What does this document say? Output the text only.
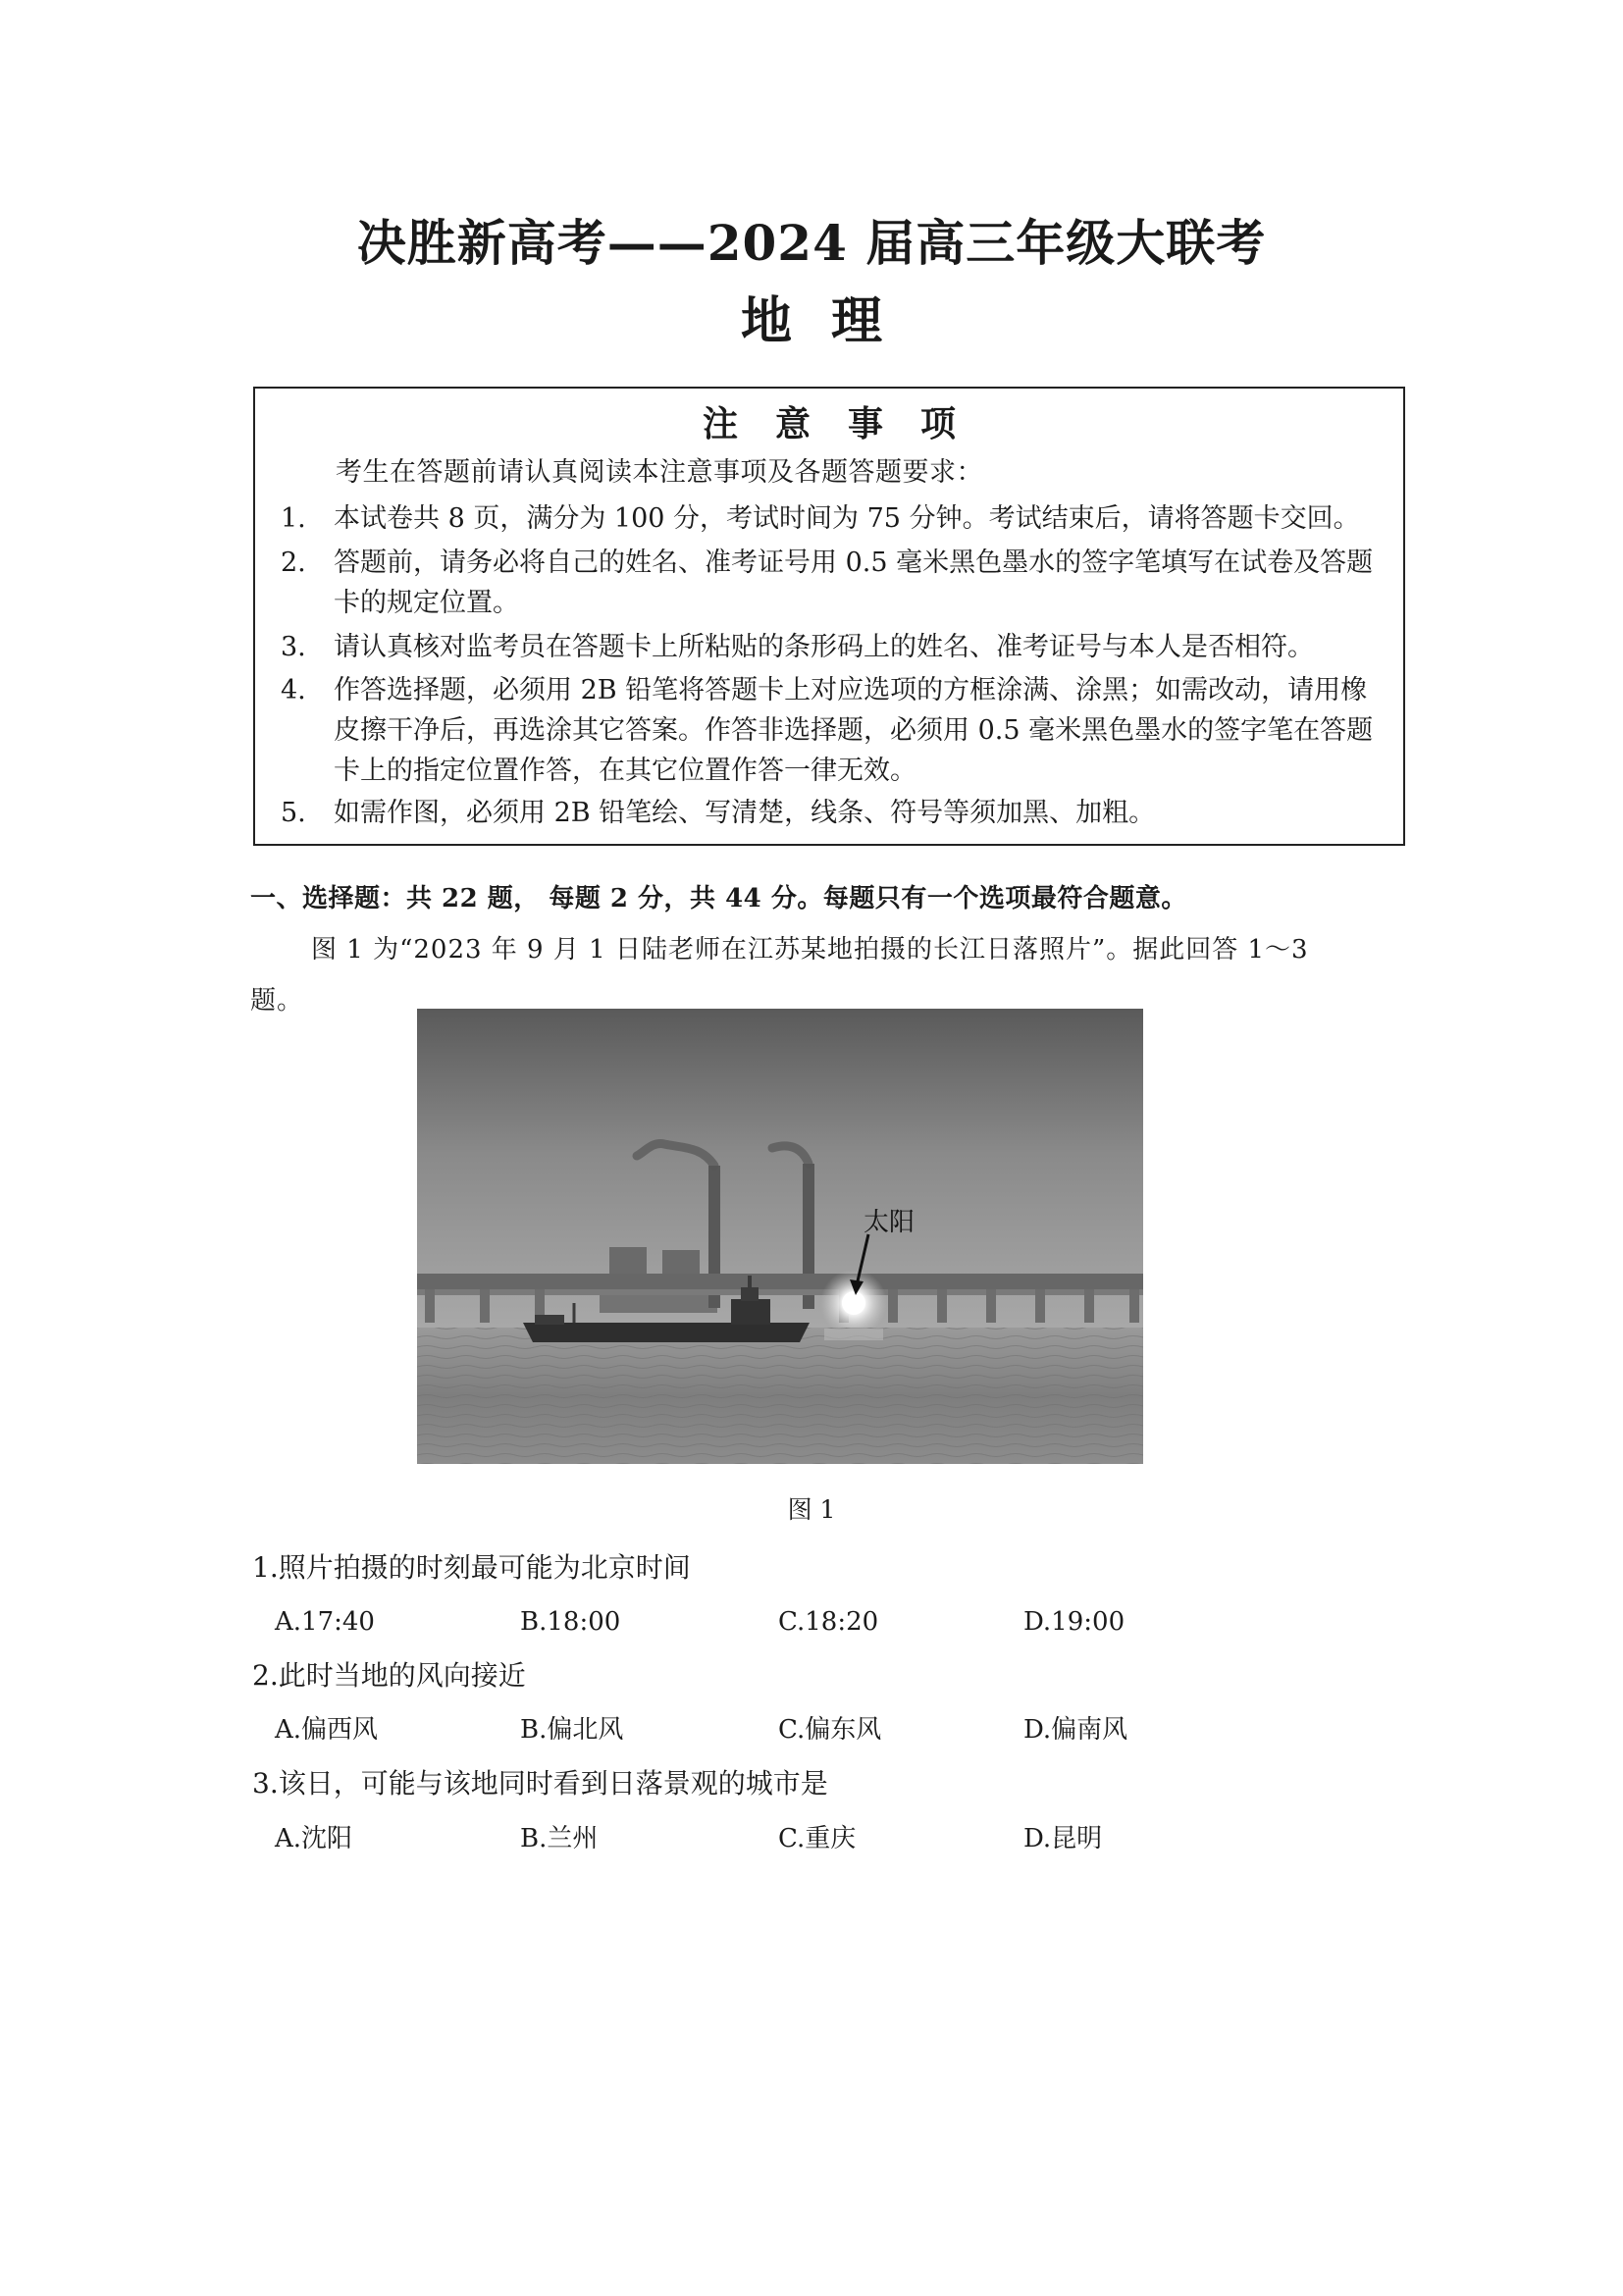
决胜新高考——2024 届高三年级大联考
地理
注意事项
考生在答题前请认真阅读本注意事项及各题答题要求：
1.	本试卷共 8 页，满分为 100 分，考试时间为 75 分钟。考试结束后，请将答题卡交回。
2.	答题前，请务必将自己的姓名、准考证号用 0.5 毫米黑色墨水的签字笔填写在试卷及答题卡的规定位置。
3.	请认真核对监考员在答题卡上所粘贴的条形码上的姓名、准考证号与本人是否相符。
4.	作答选择题，必须用 2B 铅笔将答题卡上对应选项的方框涂满、涂黑；如需改动，请用橡皮擦干净后，再选涂其它答案。作答非选择题，必须用 0.5 毫米黑色墨水的签字笔在答题卡上的指定位置作答，在其它位置作答一律无效。
5.	如需作图，必须用 2B 铅笔绘、写清楚，线条、符号等须加黑、加粗。
一、选择题：共 22 题， 每题 2 分，共 44 分。每题只有一个选项最符合题意。
图 1 为“2023 年 9 月 1 日陆老师在江苏某地拍摄的长江日落照片”。据此回答 1～3 题。
太阳
图 1
1.照片拍摄的时刻最可能为北京时间
A.17:40	B.18:00	C.18:20	D.19:00
2.此时当地的风向接近
A.偏西风	B.偏北风	C.偏东风	D.偏南风
3.该日，可能与该地同时看到日落景观的城市是
A.沈阳	B.兰州	C.重庆	D.昆明
